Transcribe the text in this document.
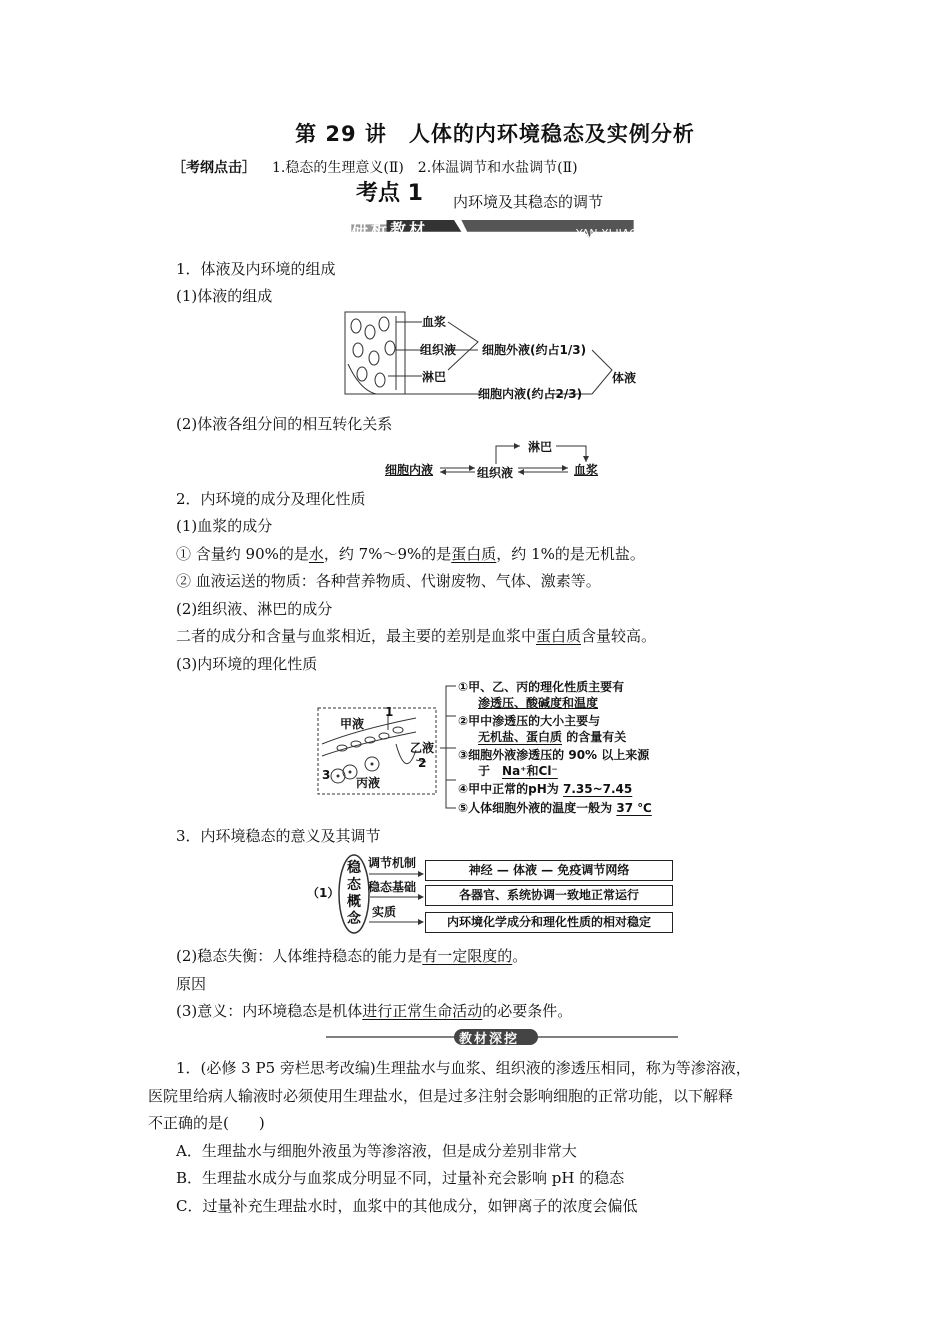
第 29 讲　人体的内环境稳态及实例分析
［考纲点击］ 1.稳态的生理意义(Ⅱ)　2.体温调节和水盐调节(Ⅱ)
考点 1 内环境及其稳态的调节
研析教材	YAN XI JIAO CAI
1．体液及内环境的组成
(1)体液的组成
血浆
组织液
淋巴
细胞外液(约占1/3)
细胞内液(约占2/3)
体液
(2)体液各组分间的相互转化关系
淋巴
细胞内液	组织液	血浆
2．内环境的成分及理化性质
(1)血浆的成分
① 含量约 90%的是水，约 7%～9%的是蛋白质，约 1%的是无机盐。
② 血液运送的物质：各种营养物质、代谢废物、气体、激素等。
(2)组织液、淋巴的成分
二者的成分和含量与血浆相近，最主要的差别是血浆中蛋白质含量较高。
(3)内环境的理化性质
甲液
1
乙液
2
3
丙液
①甲、乙、丙的理化性质主要有
渗透压、酸碱度和温度
②甲中渗透压的大小主要与
无机盐、蛋白质 的含量有关
③细胞外液渗透压的 90% 以上来源
于　 Na⁺和Cl⁻
④甲中正常的pH为 7.35~7.45
⑤人体细胞外液的温度一般为 37 ℃
3．内环境稳态的意义及其调节
（1）
稳态概念
调节机制
稳态基础
实质
神经 — 体液 — 免疫调节网络
各器官、系统协调一致地正常运行
内环境化学成分和理化性质的相对稳定
(2)稳态失衡：人体维持稳态的能力是有一定限度的。
原因
(3)意义：内环境稳态是机体进行正常生命活动的必要条件。
教材深挖
1．(必修 3 P5 旁栏思考改编)生理盐水与血浆、组织液的渗透压相同，称为等渗溶液，
医院里给病人输液时必须使用生理盐水，但是过多注射会影响细胞的正常功能，以下解释
不正确的是(　　)
A．生理盐水与细胞外液虽为等渗溶液，但是成分差别非常大
B．生理盐水成分与血浆成分明显不同，过量补充会影响 pH 的稳态
C．过量补充生理盐水时，血浆中的其他成分，如钾离子的浓度会偏低
